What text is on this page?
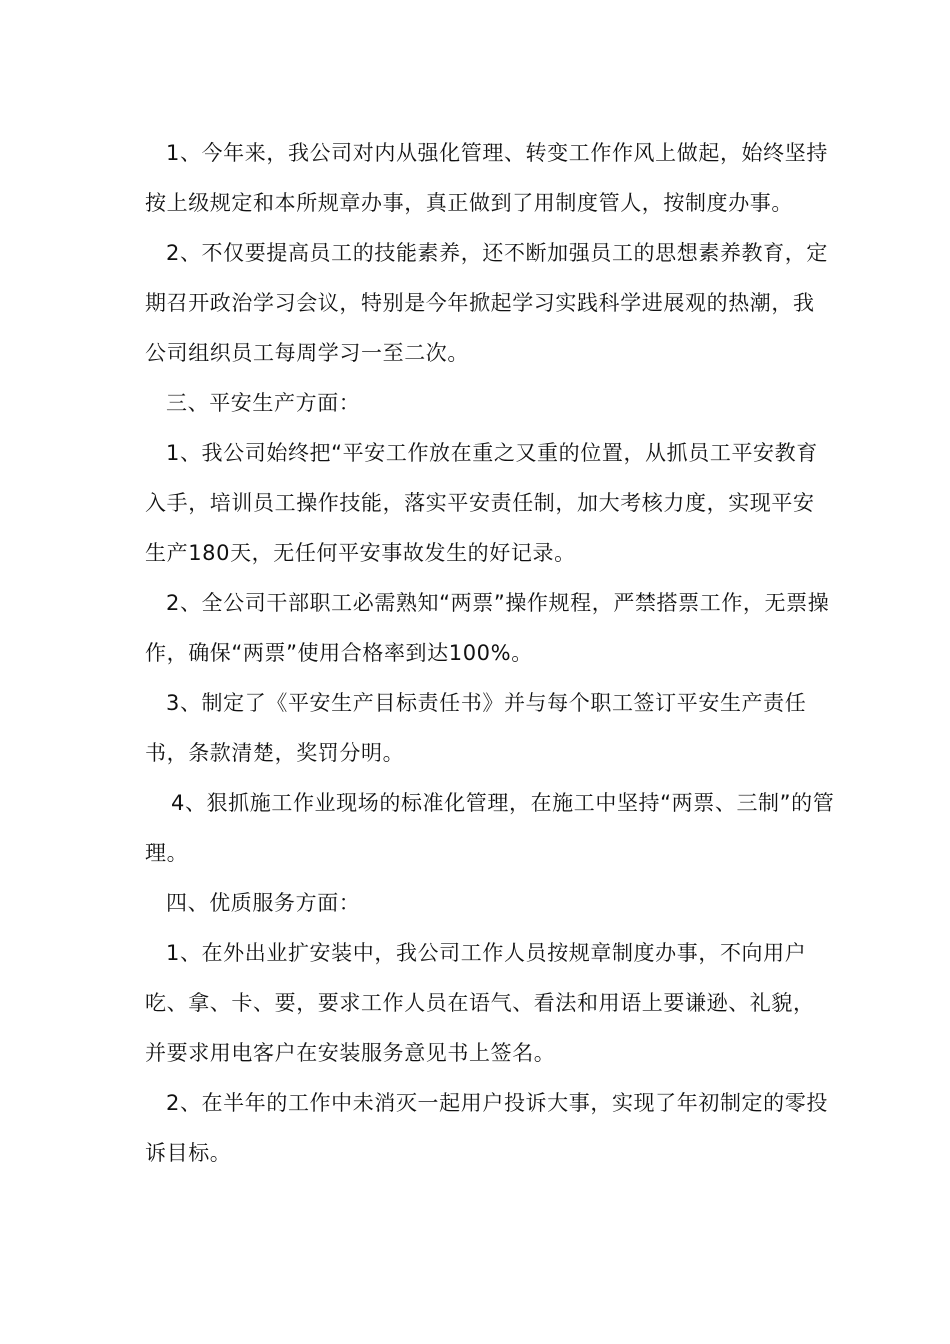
1、今年来，我公司对内从强化管理、转变工作作风上做起，始终坚持按上级规定和本所规章办事，真正做到了用制度管人，按制度办事。

2、不仅要提高员工的技能素养，还不断加强员工的思想素养教育，定期召开政治学习会议，特别是今年掀起学习实践科学进展观的热潮，我公司组织员工每周学习一至二次。

三、平安生产方面：

1、我公司始终把“平安工作放在重之又重的位置，从抓员工平安教育入手，培训员工操作技能，落实平安责任制，加大考核力度，实现平安生产180天，无任何平安事故发生的好记录。

2、全公司干部职工必需熟知“两票”操作规程，严禁搭票工作，无票操作，确保“两票”使用合格率到达100%。

3、制定了《平安生产目标责任书》并与每个职工签订平安生产责任书，条款清楚，奖罚分明。

4、狠抓施工作业现场的标准化管理，在施工中坚持“两票、三制”的管理。

四、优质服务方面：

1、在外出业扩安装中，我公司工作人员按规章制度办事，不向用户吃、拿、卡、要，要求工作人员在语气、看法和用语上要谦逊、礼貌，并要求用电客户在安装服务意见书上签名。

2、在半年的工作中未消灭一起用户投诉大事，实现了年初制定的零投诉目标。
